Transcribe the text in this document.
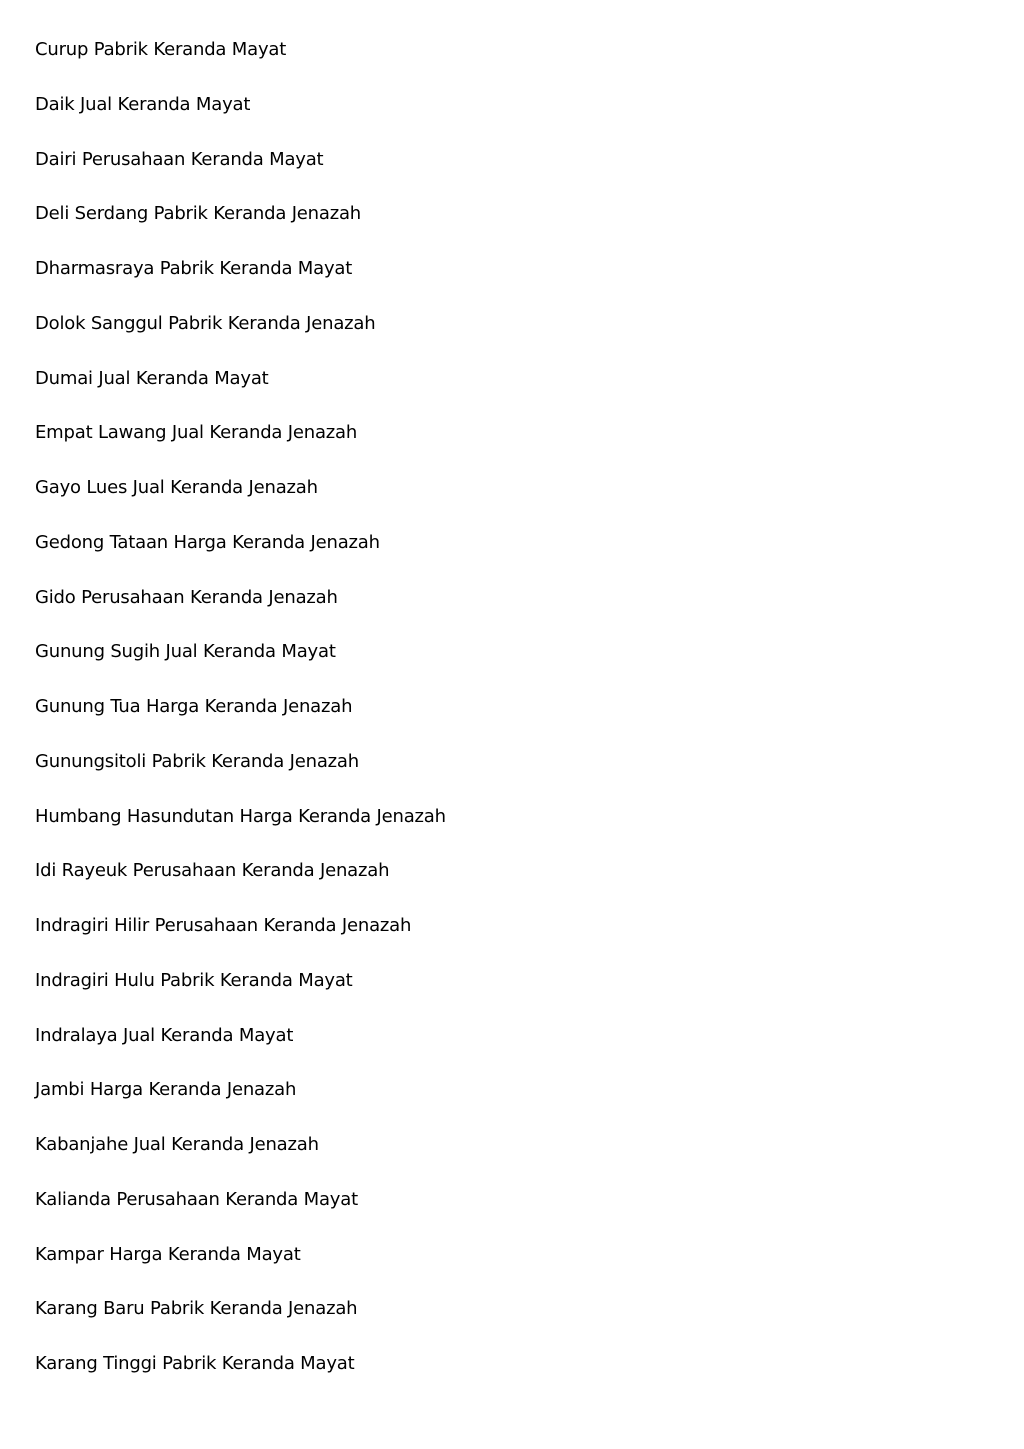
Curup Pabrik Keranda Mayat
Daik Jual Keranda Mayat
Dairi Perusahaan Keranda Mayat
Deli Serdang Pabrik Keranda Jenazah
Dharmasraya Pabrik Keranda Mayat
Dolok Sanggul Pabrik Keranda Jenazah
Dumai Jual Keranda Mayat
Empat Lawang Jual Keranda Jenazah
Gayo Lues Jual Keranda Jenazah
Gedong Tataan Harga Keranda Jenazah
Gido Perusahaan Keranda Jenazah
Gunung Sugih Jual Keranda Mayat
Gunung Tua Harga Keranda Jenazah
Gunungsitoli Pabrik Keranda Jenazah
Humbang Hasundutan Harga Keranda Jenazah
Idi Rayeuk Perusahaan Keranda Jenazah
Indragiri Hilir Perusahaan Keranda Jenazah
Indragiri Hulu Pabrik Keranda Mayat
Indralaya Jual Keranda Mayat
Jambi Harga Keranda Jenazah
Kabanjahe Jual Keranda Jenazah
Kalianda Perusahaan Keranda Mayat
Kampar Harga Keranda Mayat
Karang Baru Pabrik Keranda Jenazah
Karang Tinggi Pabrik Keranda Mayat
